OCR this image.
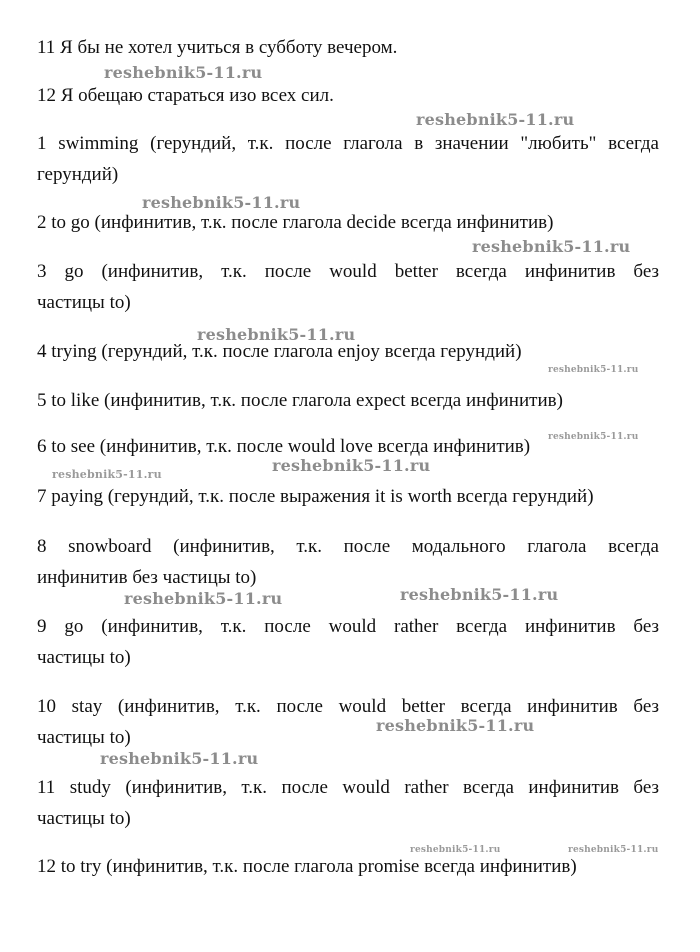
11 Я бы не хотел учиться в субботу вечером.

reshebnik5-11.ru

12 Я обещаю стараться изо всех сил.

reshebnik5-11.ru
1 swimming (герундий, т.к. после глагола в значении "любить" всегда
герундий)
reshebnik5-11.ru

2 to go (инфинитив, т.к. после глагола decide всегда инфинитив)

reshebnik5-11.ru
3 go (инфинитив, т.к. после would better всегда инфинитив без
частицы to)
reshebnik5-11.ru

4 trying (герундий, т.к. после глагола enjoy всегда герундий)

reshebnik5-11.ru

5 to like (инфинитив, т.к. после глагола expect всегда инфинитив)

reshebnik5-11.ru

6 to see (инфинитив, т.к. после would love всегда инфинитив)

reshebnik5-11.ru
reshebnik5-11.ru

7 paying (герундий, т.к. после выражения it is worth всегда герундий)

8 snowboard (инфинитив, т.к. после модального глагола всегда
инфинитив без частицы to)
reshebnik5-11.ru	reshebnik5-11.ru
9 go (инфинитив, т.к. после would rather всегда инфинитив без
частицы to)
10 stay (инфинитив, т.к. после would better всегда инфинитив без
частицы to)
reshebnik5-11.ru
reshebnik5-11.ru
11 study (инфинитив, т.к. после would rather всегда инфинитив без
частицы to)
reshebnik5-11.ru	reshebnik5-11.ru

12 to try (инфинитив, т.к. после глагола promise всегда инфинитив)
